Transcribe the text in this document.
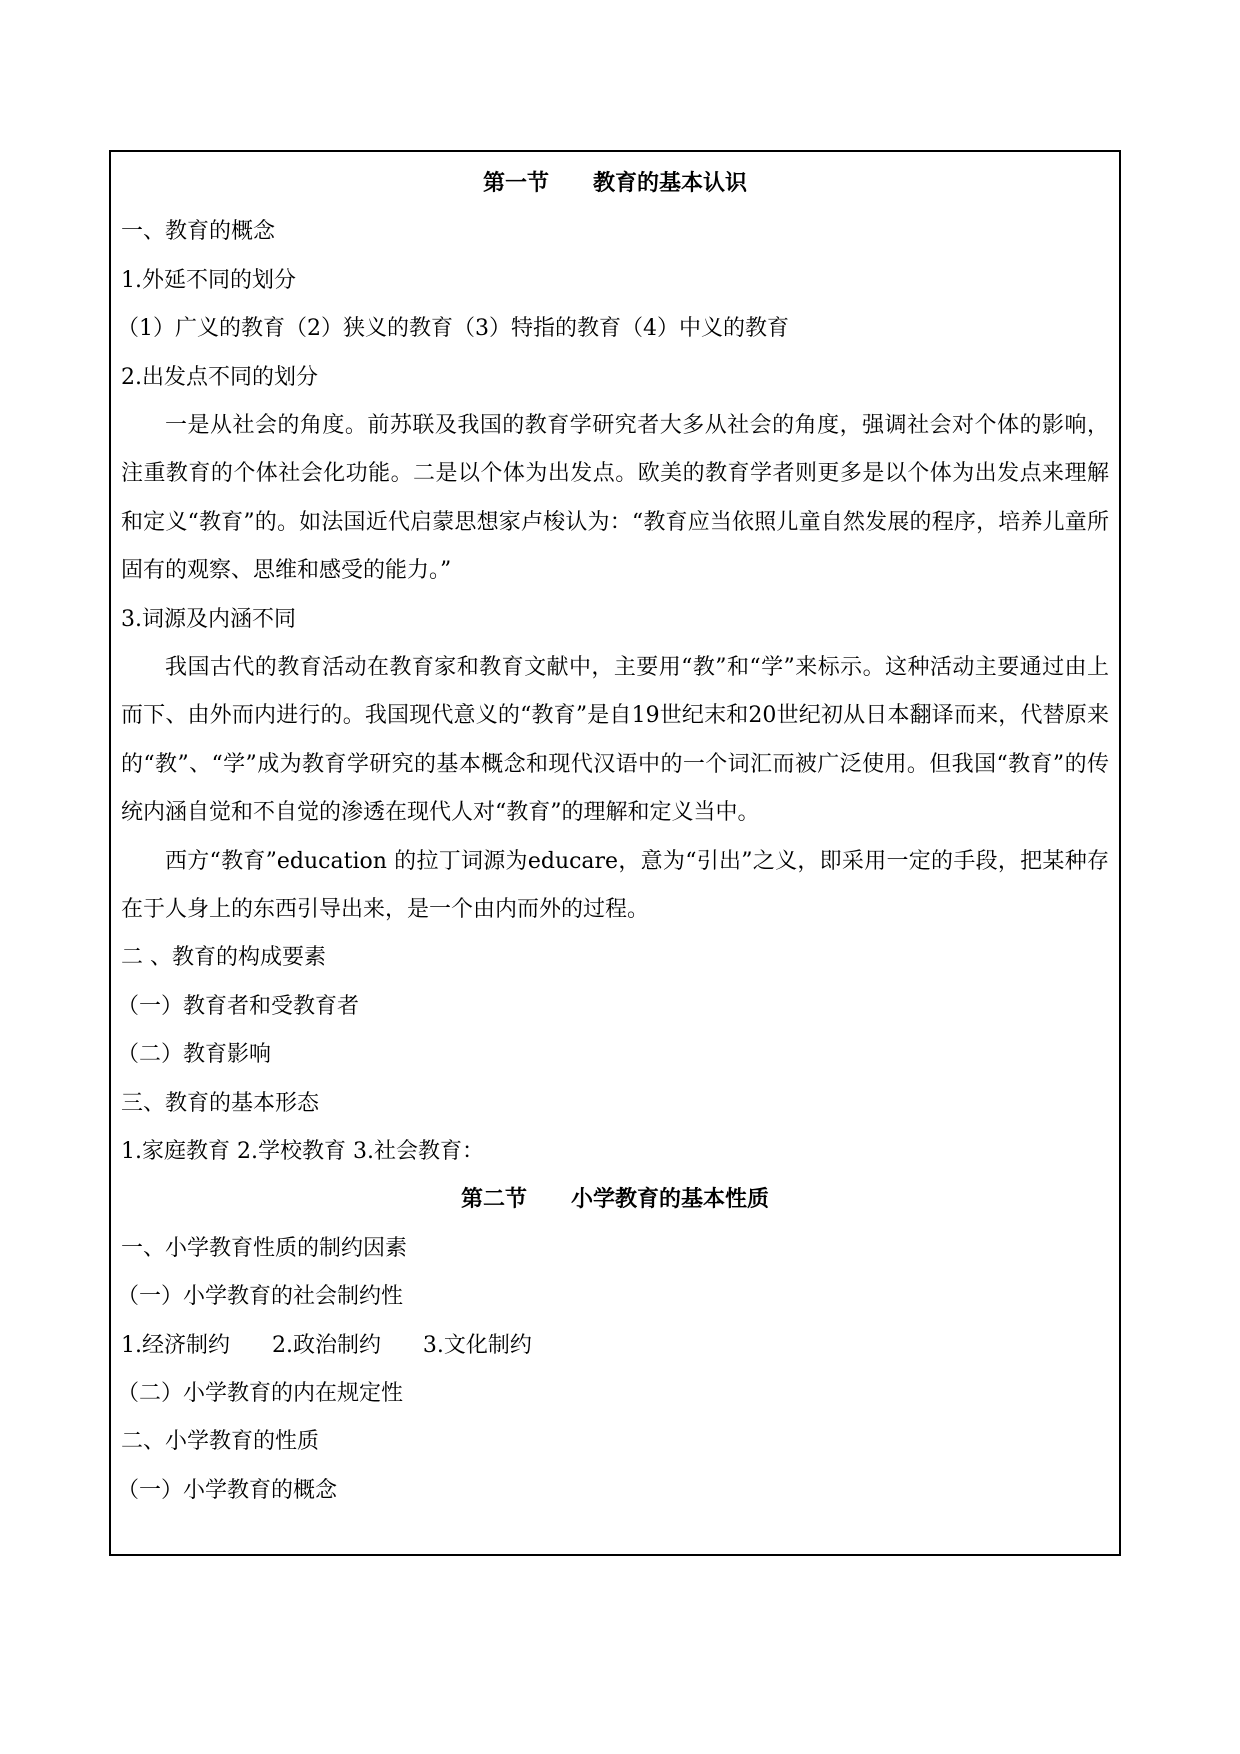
第一节 教育的基本认识
一、教育的概念
1.外延不同的划分
（1）广义的教育（2）狭义的教育（3）特指的教育（4）中义的教育
2.出发点不同的划分
一是从社会的角度。前苏联及我国的教育学研究者大多从社会的角度，强调社会对个体的影响，注重教育的个体社会化功能。二是以个体为出发点。欧美的教育学者则更多是以个体为出发点来理解和定义“教育”的。如法国近代启蒙思想家卢梭认为：“教育应当依照儿童自然发展的程序，培养儿童所固有的观察、思维和感受的能力。”
3.词源及内涵不同
我国古代的教育活动在教育家和教育文献中，主要用“教”和“学”来标示。这种活动主要通过由上而下、由外而内进行的。我国现代意义的“教育”是自19世纪末和20世纪初从日本翻译而来，代替原来的“教”、“学”成为教育学研究的基本概念和现代汉语中的一个词汇而被广泛使用。但我国“教育”的传统内涵自觉和不自觉的渗透在现代人对“教育”的理解和定义当中。
西方“教育”education 的拉丁词源为educare，意为“引出”之义，即采用一定的手段，把某种存在于人身上的东西引导出来，是一个由内而外的过程。
二 、教育的构成要素
（一）教育者和受教育者
（二）教育影响
三、教育的基本形态
1.家庭教育 2.学校教育 3.社会教育：
第二节 小学教育的基本性质
一、小学教育性质的制约因素
（一）小学教育的社会制约性
1.经济制约      2.政治制约      3.文化制约
（二）小学教育的内在规定性
二、小学教育的性质
（一）小学教育的概念
